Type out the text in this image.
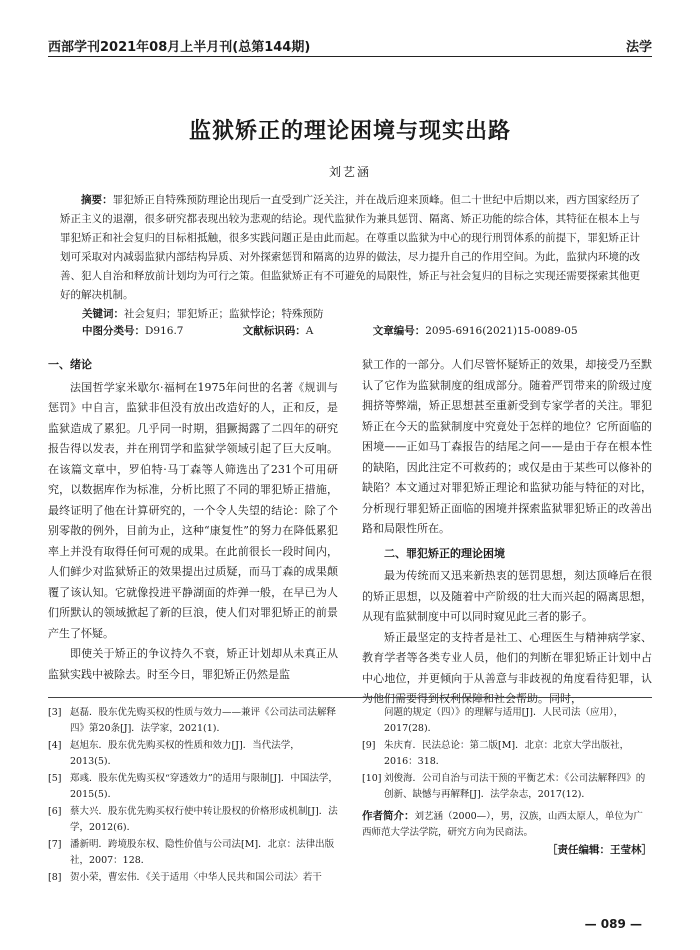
西部学刊2021年08月上半月刊(总第144期)	法学
监狱矫正的理论困境与现实出路
刘艺涵
摘要：罪犯矫正自特殊预防理论出现后一直受到广泛关注，并在战后迎来顶峰。但二十世纪中后期以来，西方国家经历了矫正主义的退潮，很多研究都表现出较为悲观的结论。现代监狱作为兼具惩罚、隔离、矫正功能的综合体，其特征在根本上与罪犯矫正和社会复归的目标相抵触，很多实践问题正是由此而起。在尊重以监狱为中心的现行刑罚体系的前提下，罪犯矫正计划可采取对内减弱监狱内部结构异质、对外探索惩罚和隔离的边界的做法，尽力提升自己的作用空间。为此，监狱内环境的改善、犯人自治和释放前计划均为可行之策。但监狱矫正有不可避免的局限性，矫正与社会复归的目标之实现还需要探索其他更好的解决机制。
关键词：社会复归；罪犯矫正；监狱悖论；特殊预防
中图分类号：D916.7	文献标识码：A	文章编号：2095-6916(2021)15-0089-05
一、绪论

法国哲学家米歇尔·福柯在1975年问世的名著《规训与惩罚》中自言，监狱非但没有放出改造好的人，正和反，是监狱造成了累犯。几乎同一时期，猖獗揭露了二四年的研究报告得以发表，并在刑罚学和监狱学领域引起了巨大反响。在该篇文章中，罗伯特·马丁森等人筛选出了231个可用研究，以数据库作为标准，分析比照了不同的罪犯矫正措施，最终证明了他在计算研究的，一个令人失望的结论：除了个别零散的例外，目前为止，这种“康复性”的努力在降低累犯率上并没有取得任何可观的成果。在此前很长一段时间内，人们鲜少对监狱矫正的效果提出过质疑，而马丁森的成果颠覆了该认知。它就像投进平静湖面的炸弹一般，在早已为人们所默认的领域掀起了新的巨浪，使人们对罪犯矫正的前景产生了怀疑。

即使关于矫正的争议持久不衰，矫正计划却从未真正从监狱实践中被除去。时至今日，罪犯矫正仍然是监

狱工作的一部分。人们尽管怀疑矫正的效果，却接受乃至默认了它作为监狱制度的组成部分。随着严罚带来的阶级过度拥挤等弊端，矫正思想甚至重新受到专家学者的关注。罪犯矫正在今天的监狱制度中究竟处于怎样的地位？它所面临的困境——正如马丁森报告的结尾之问——是由于存在根本性的缺陷，因此注定不可救药的；或仅是由于某些可以修补的缺陷？本文通过对罪犯矫正理论和监狱功能与特征的对比，分析现行罪犯矫正面临的困境并探索监狱罪犯矫正的改善出路和局限性所在。

二、罪犯矫正的理论困境

最为传统而又迅来新热衷的惩罚思想，刻达顶峰后在很的矫正思想，以及随着中产阶级的壮大而兴起的隔离思想，从现有监狱制度中可以同时窥见此三者的影子。

矫正最坚定的支持者是社工、心理医生与精神病学家、教育学者等各类专业人员，他们的判断在罪犯矫正计划中占中心地位，并更倾向于从善意与非歧视的角度看待犯罪，认为他们需要得到权利保障和社会帮助。同时，

[3] 赵磊．股东优先购买权的性质与效力——兼评《公司法司法解释四》第20条[J]．法学家，2021(1)．
[4] 赵旭东．股东优先购买权的性质和效力[J]．当代法学，2013(5)．
[5] 郑彧．股东优先购买权“穿透效力”的适用与限制[J]．中国法学，2015(5)．
[6] 蔡大兴．股东优先购买权行使中转让股权的价格形成机制[J]．法学，2012(6)．
[7] 潘新明．跨境股东权、隐性价值与公司法[M]．北京：法律出版社，2007：128．
[8] 贺小荣，曹宏伟．《关于适用〈中华人民共和国公司法〉若干
问题的规定（四）》的理解与适用[J]．人民司法（应用），2017(28)．
[9] 朱庆育．民法总论：第二版[M]．北京：北京大学出版社，2016：318．
[10] 刘俊海．公司自治与司法干预的平衡艺术：《公司法解释四》的创新、缺憾与再解释[J]．法学杂志，2017(12)．
作者简介：刘艺涵（2000—），男，汉族，山西太原人，单位为广西师范大学法学院，研究方向为民商法。
［责任编辑：王莹林］
— 089 —
